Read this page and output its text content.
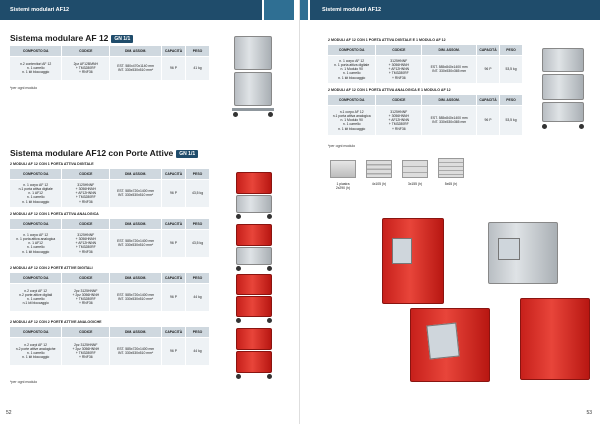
Sistemi modulari AF12
Sistema modulare AF 12 GN 1/1
COMPOSTO DA	CODICE	DIM. ASSOM.	CAPACITÀ	PESO
n.2 contenitori AF 12
n. 1 carrello
n. 1 kit bloccaggio	2pz AF12BMNH
+ TM3280RF
+ RNF36	EST. 580x470x1140 mm
INT. 330x530x510 mm*	96 P	41 kg
*per ogni modulo
Sistema modulare AF12 con Porte Attive GN 1/1
2 MODULI AF 12 CON 1 PORTA ATTIVA DIGITALE
COMPOSTO DA	CODICE	DIM. ASSOM.	CAPACITÀ	PESO
n. 1 corpo AF 12
n.1 porta attiva digitale
n. 1 AF12
n. 1 carrello
n. 1 kit bloccaggio	3125HNNF
+ 3056HNNH
+ AF12HNNN
+ TM3280RF
+ RNF36	EST. 585x720x1400 mm
INT. 330x530x510 mm*	96 P	43,5 kg
2 MODULI AF 12 CON 1 PORTA ATTIVA ANALOGICA
COMPOSTO DA	CODICE	DIM. ASSOM.	CAPACITÀ	PESO
n. 1 corpo AF 12
n. 1 porta attiva analogica
n. 1 AF12
n. 1 carrello
n. 1 kit bloccaggio	3125HNNF
+ 3056HNNH
+ AF12HNNN
+ TM3280RF
+ RNF36	EST. 585x720x1400 mm
INT. 330x530x510 mm*	96 P	43,5 kg
2 MODULI AF 12 CON 2 PORTE ATTIVE DIGITALI
COMPOSTO DA	CODICE	DIM. ASSOM.	CAPACITÀ	PESO
n.2 corpi AF 12
n.2 porte attive digitali
n. 1 carrello
n.1 kit bloccaggio	2pz 3125HNNF
+ 2pz 3056HNNH
+ TM3280RF
+ RNF36	EST. 585x720x1400 mm
INT. 330x530x510 mm*	96 P	44 kg
2 MODULI AF 12 CON 2 PORTE ATTIVE ANALOGICHE
COMPOSTO DA	CODICE	DIM. ASSOM.	CAPACITÀ	PESO
n.2 corpi AF 12
n.2 porte attive analogiche
n. 1 carrello
n. 1 kit bloccaggio	2pz 3125HNNF
+ 2pz 3056HNNH
+ TM3280RF
+ RNF36	EST. 585x720x1400 mm
INT. 330x530x510 mm*	96 P	44 kg
*per ogni modulo
52
Sistemi modulari AF12
2 MODULI AF 12 CON 1 PORTA ATTIVA DIGITALE E 1 MODULO AF 12
COMPOSTO DA	CODICE	DIM. ASSOM.	CAPACITÀ	PESO
n. 1 corpo AF 12
n. 1 porta attiva digitale
n. 1 Modulo 90
n. 1 carrello
n. 1 kit bloccaggio	3125HNNF
+ 3056HNNH
+ AF12HNNN
+ TM3280RF
+ RNF36	EST. 585x840x1400 mm
INT. 330x530x365 mm	96 P	53,5 kg
2 MODULI AF 12 CON 1 PORTA ATTIVA ANALOGICA E 1 MODULO AF 12
COMPOSTO DA	CODICE	DIM. ASSOM.	CAPACITÀ	PESO
n.1 corpo AF 12
n.1 porta attiva analogica
n. 1 Modulo 90
n. 1 carrello
n. 1 kit bloccaggio	3125HNNF
+ 3056HNNH
+ AF12HNNN
+ TM3280RF
+ RNF36	EST. 585x840x1400 mm
INT. 330x530x365 mm	96 P	53,5 kg
*per ogni modulo
1 piastra
2x290 (h)
4x105 (h)	3x155 (h)	5x65 (h)
53
